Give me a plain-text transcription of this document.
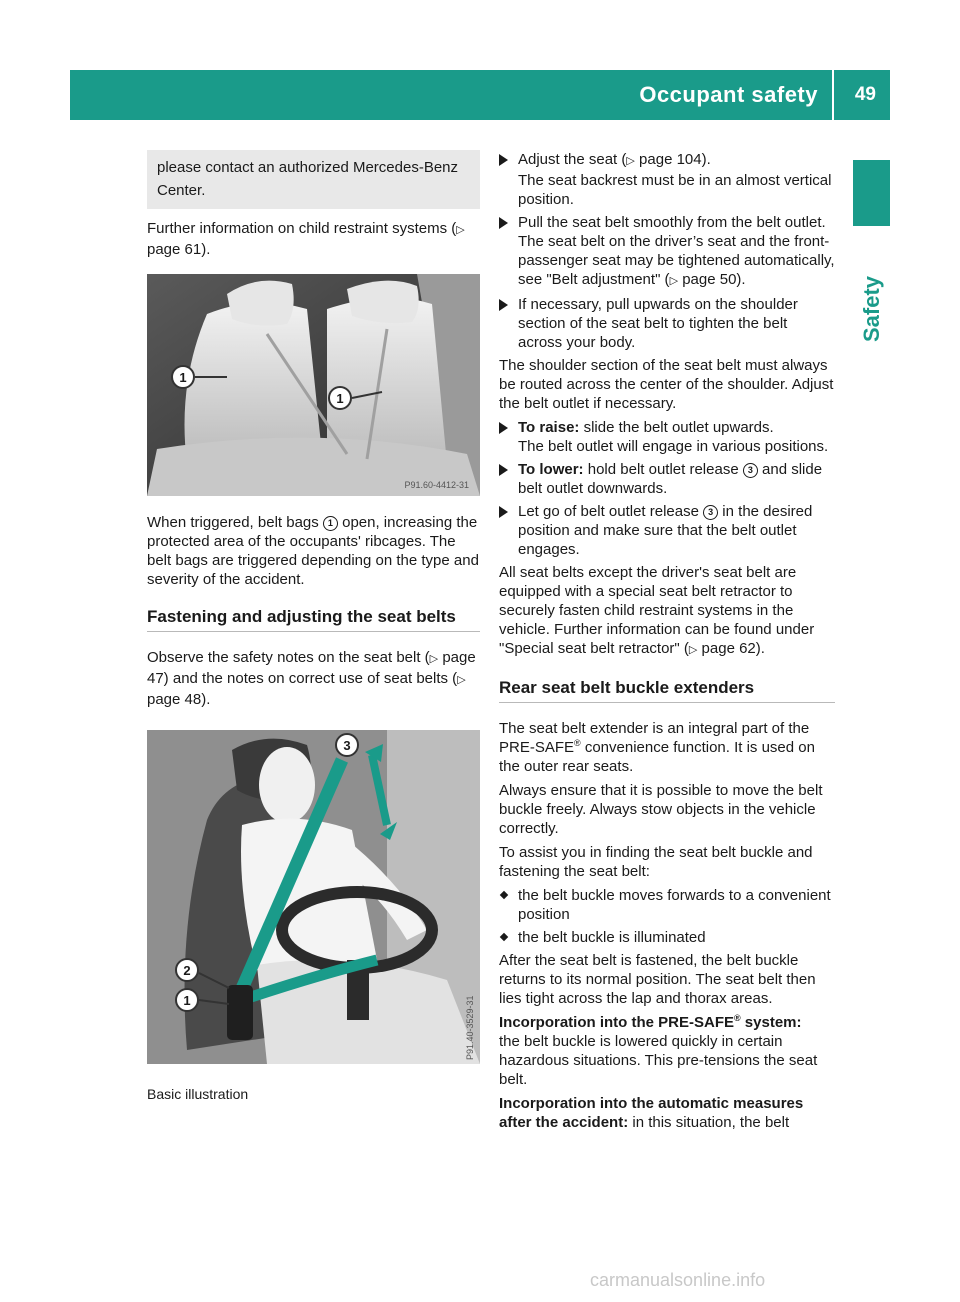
Occupant safety 49
Safety
please contact an authorized Mercedes-Benz Center.

Further information on child restraint systems (▷ page 61).

1
1
P91.60-4412-31

When triggered, belt bags 1 open, increasing the protected area of the occupants' ribcages. The belt bags are triggered depending on the type and severity of the accident.

Fastening and adjusting the seat belts

Observe the safety notes on the seat belt (▷ page 47) and the notes on correct use of seat belts (▷ page 48).

3
2
1	P91.40-3529-31
Basic illustration
Adjust the seat (▷ page 104).
The seat backrest must be in an almost vertical position.
Pull the seat belt smoothly from the belt outlet.
The seat belt on the driver’s seat and the front-passenger seat may be tightened automatically, see "Belt adjustment" (▷ page 50).
If necessary, pull upwards on the shoulder section of the seat belt to tighten the belt across your body.

The shoulder section of the seat belt must always be routed across the center of the shoulder. Adjust the belt outlet if necessary.

To raise: slide the belt outlet upwards.
The belt outlet will engage in various positions.
To lower: hold belt outlet release 3 and slide belt outlet downwards.
Let go of belt outlet release 3 in the desired position and make sure that the belt outlet engages.

All seat belts except the driver's seat belt are equipped with a special seat belt retractor to securely fasten child restraint systems in the vehicle. Further information can be found under "Special seat belt retractor" (▷ page 62).

Rear seat belt buckle extenders

The seat belt extender is an integral part of the PRE-SAFE® convenience function. It is used on the outer rear seats.

Always ensure that it is possible to move the belt buckle freely. Always stow objects in the vehicle correctly.

To assist you in finding the seat belt buckle and fastening the seat belt:

the belt buckle moves forwards to a convenient position
the belt buckle is illuminated

After the seat belt is fastened, the belt buckle returns to its normal position. The seat belt then lies tight across the lap and thorax areas.

Incorporation into the PRE-SAFE® system:
the belt buckle is lowered quickly in certain hazardous situations. This pre-tensions the seat belt.

Incorporation into the automatic measures after the accident: in this situation, the belt

carmanualsonline.info
